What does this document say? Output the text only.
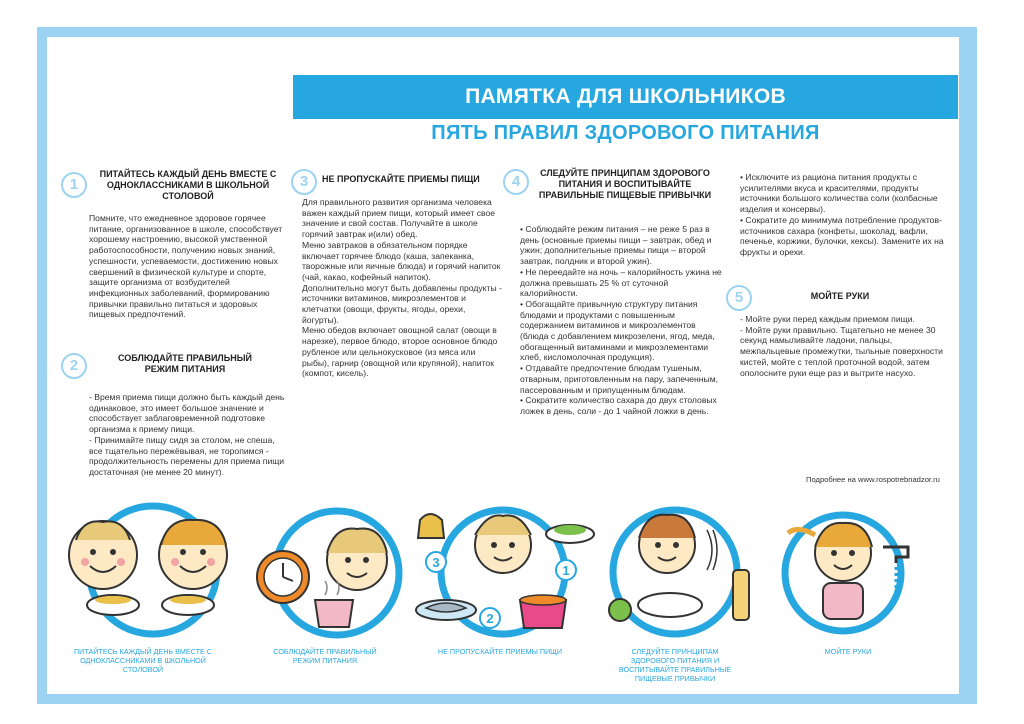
ПАМЯТКА ДЛЯ ШКОЛЬНИКОВ
ПЯТЬ ПРАВИЛ ЗДОРОВОГО ПИТАНИЯ
1
ПИТАЙТЕСЬ КАЖДЫЙ ДЕНЬ ВМЕСТЕ С ОДНОКЛАССНИКАМИ В ШКОЛЬНОЙ СТОЛОВОЙ

Помните, что ежедневное здоровое горячее питание, организованное в школе, способствует хорошему настроению, высокой умственной работоспособности, получению новых знаний, успешности, успеваемости, достижению новых свершений в физической культуре и спорте, защите организма от возбудителей инфекционных заболеваний, формированию привычки правильно питаться и здоровых пищевых предпочтений.

2	СОБЛЮДАЙТЕ ПРАВИЛЬНЫЙ РЕЖИМ ПИТАНИЯ

- Время приема пищи должно быть каждый день одинаковое, это имеет большое значение и способствует заблаговременной подготовке организма к приему пищи.
- Принимайте пищу сидя за столом, не спеша, все тщательно пережёвывая, не торопимся - продолжительность перемены для приема пищи достаточная (не менее 20 минут).

3	НЕ ПРОПУСКАЙТЕ ПРИЕМЫ ПИЩИ

Для правильного развития организма человека важен каждый прием пищи, который имеет свое значение и свой состав. Получайте в школе горячий завтрак и(или) обед.
Меню завтраков в обязательном порядке включает горячее блюдо (каша, запеканка, творожные или яичные блюда) и горячий напиток (чай, какао, кофейный напиток).
Дополнительно могут быть добавлены продукты - источники витаминов, микроэлементов и клетчатки (овощи, фрукты, ягоды, орехи, йогурты).
Меню обедов включает овощной салат (овощи в нарезке), первое блюдо, второе основное блюдо рубленое или цельнокусковое (из мяса или рыбы), гарнир (овощной или крупяной), напиток (компот, кисель).

4	СЛЕДУЙТЕ ПРИНЦИПАМ ЗДОРОВОГО ПИТАНИЯ И ВОСПИТЫВАЙТЕ ПРАВИЛЬНЫЕ ПИЩЕВЫЕ ПРИВЫЧКИ

• Соблюдайте режим питания – не реже 5 раз в день (основные приемы пищи – завтрак, обед и ужин; дополнительные приемы пищи – второй завтрак, полдник и второй ужин).
• Не переедайте на ночь – калорийность ужина не должна превышать 25 % от суточной калорийности.
• Обогащайте привычную структуру питания блюдами и продуктами с повышенным содержанием витаминов и микроэлементов (блюда с добавлением микрозелени, ягод, меда, обогащенный витаминами и микроэлементами хлеб, кисломолочная продукция).
• Отдавайте предпочтение блюдам тушеным, отварным, приготовленным на пару, запеченным, пассерованным и припущенным блюдам.
• Сократите количество сахара до двух столовых ложек в день, соли - до 1 чайной ложки в день.

• Исключите из рациона питания продукты с усилителями вкуса и красителями, продукты источники большого количества соли (колбасные изделия и консервы).
• Сократите до минимума потребление продуктов-источников сахара (конфеты, шоколад, вафли, печенье, коржики, булочки, кексы). Замените их на фрукты и орехи.

5	МОЙТЕ РУКИ

- Мойте руки перед каждым приемом пищи.
- Мойте руки правильно. Тщательно не менее 30 секунд намыливайте ладони, пальцы, межпальцевые промежутки, тыльные поверхности кистей, мойте с теплой проточной водой, затем ополосните руки еще раз и вытрите насухо.

Подробнее на www.rospotrebnadzor.ru
ПИТАЙТЕСЬ КАЖДЫЙ ДЕНЬ ВМЕСТЕ С ОДНОКЛАССНИКАМИ В ШКОЛЬНОЙ СТОЛОВОЙ
СОБЛЮДАЙТЕ ПРАВИЛЬНЫЙ РЕЖИМ ПИТАНИЯ
3
1
2
НЕ ПРОПУСКАЙТЕ ПРИЕМЫ ПИЩИ	СЛЕДУЙТЕ ПРИНЦИПАМ ЗДОРОВОГО ПИТАНИЯ И ВОСПИТЫВАЙТЕ ПРАВИЛЬНЫЕ ПИЩЕВЫЕ ПРИВЫЧКИ
МОЙТЕ РУКИ
